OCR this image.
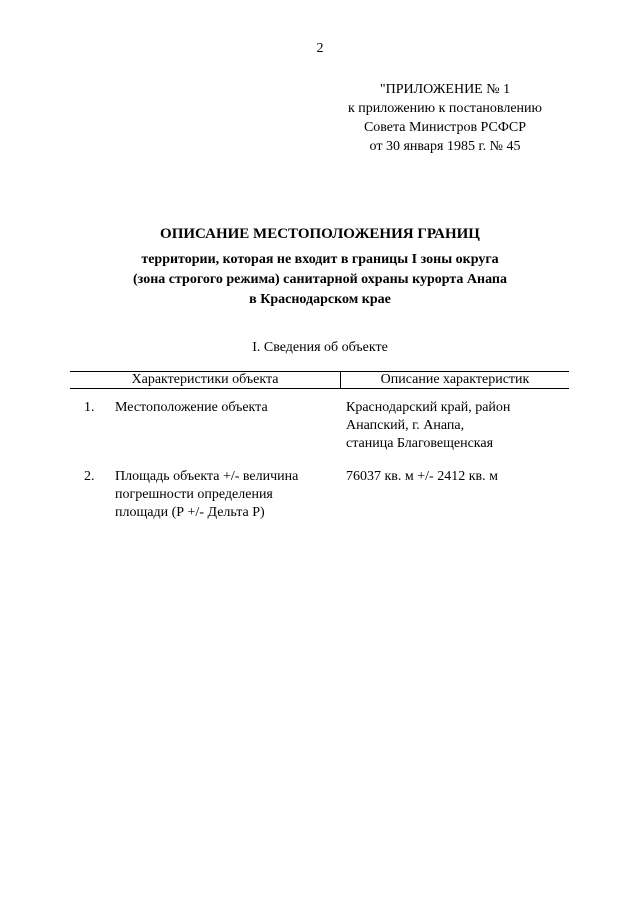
2
"ПРИЛОЖЕНИЕ № 1
к приложению к постановлению
Совета Министров РСФСР
от 30 января 1985 г. № 45
ОПИСАНИЕ МЕСТОПОЛОЖЕНИЯ ГРАНИЦ
территории, которая не входит в границы I зоны округа
(зона строгого режима) санитарной охраны курорта Анапа
в Краснодарском крае
I. Сведения об объекте
Характеристики объекта	Описание характеристик
1. Местоположение объекта	Краснодарский край, район
Анапский, г. Анапа,
станица Благовещенская
2. Площадь объекта +/- величина
погрешности определения
площади (Р +/- Дельта Р)
76037 кв. м +/- 2412 кв. м
